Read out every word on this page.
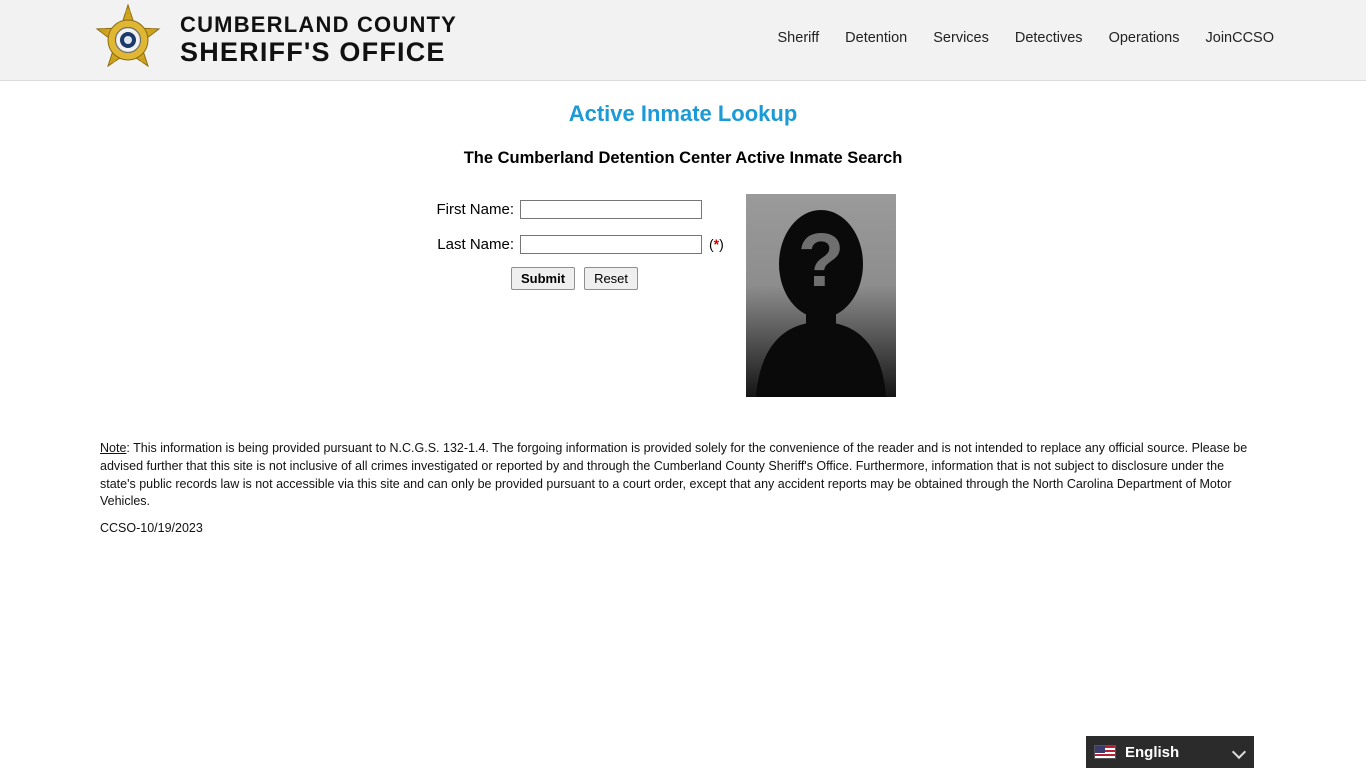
CUMBERLAND COUNTY
SHERIFF'S OFFICE	Sheriff Detention Services Detectives Operations JoinCCSO
Active Inmate Lookup
The Cumberland Detention Center Active Inmate Search
First Name:
Last Name:	(*)
Submit	Reset ?
Note: This information is being provided pursuant to N.C.G.S. 132-1.4. The forgoing information is provided solely for the convenience of the reader and is not intended to replace any official source. Please be advised further that this site is not inclusive of all crimes investigated or reported by and through the Cumberland County Sheriff's Office. Furthermore, information that is not subject to disclosure under the state's public records law is not accessible via this site and can only be provided pursuant to a court order, except that any accident reports may be obtained through the North Carolina Department of Motor Vehicles.
CCSO-10/19/2023
English
